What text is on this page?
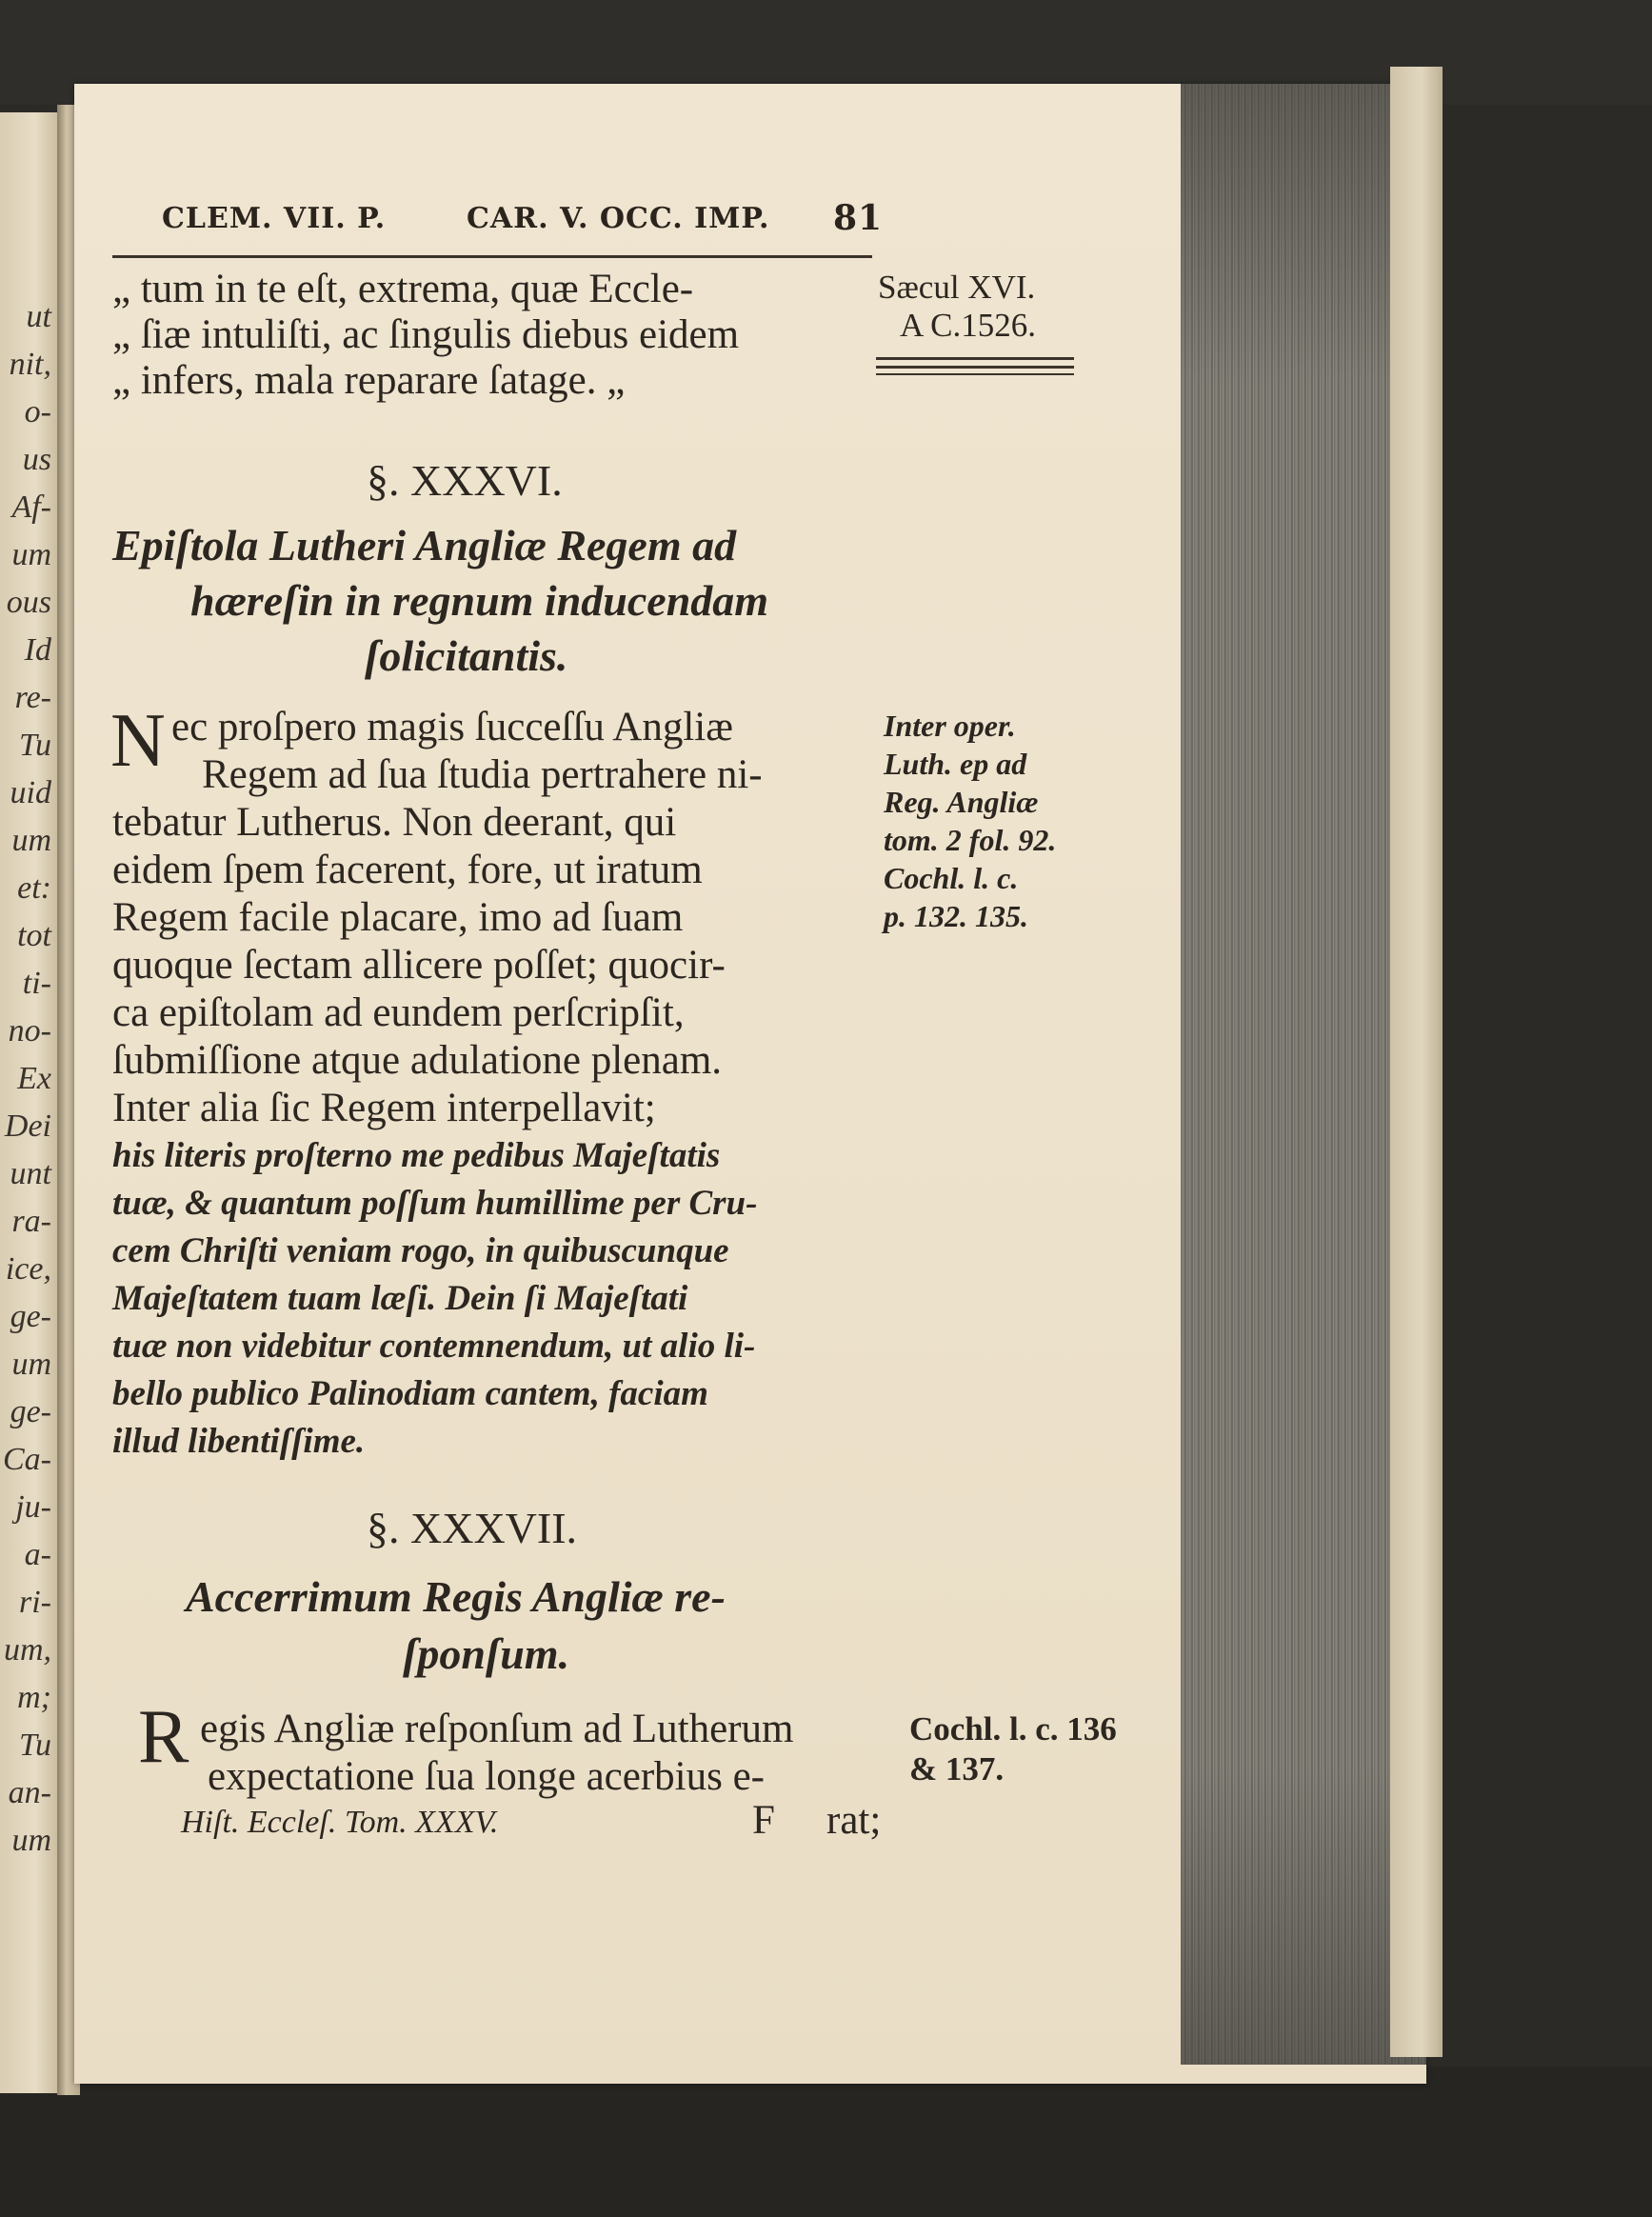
ut
nit,
o-
us
Af-
um
ous
Id
re-
Tu
uid
um
et:
tot
ti-
no-
Ex
Dei
unt
ra-
ice,
ge-
um
ge-
Ca-
ju-
a-
ri-
um,
m;
Tu
an-
um
CLEM. VII. P.	CAR. V. OCC. IMP. 81
Sæcul XVI.
A C.1526.
„ tum in te eſt, extrema, quæ Eccle-
„ ſiæ intuliſti, ac ſingulis diebus eidem
„ infers, mala reparare ſatage. „
§. XXXVI.
Epiſtola Lutheri Angliæ Regem ad
hæreſin in regnum inducendam
ſolicitantis.
N ec proſpero magis ſucceſſu Angliæ
Regem ad ſua ſtudia pertrahere ni-
tebatur Lutherus. Non deerant, qui
eidem ſpem facerent, fore, ut iratum
Regem facile placare, imo ad ſuam
quoque ſectam allicere poſſet; quocir-
ca epiſtolam ad eundem perſcripſit,
ſubmiſſione atque adulatione plenam.
Inter alia ſic Regem interpellavit;
his literis proſterno me pedibus Majeſtatis
tuæ, & quantum poſſum humillime per Cru-
cem Chriſti veniam rogo, in quibuscunque
Majeſtatem tuam læſi. Dein ſi Majeſtati
tuæ non videbitur contemnendum, ut alio li-
bello publico Palinodiam cantem, faciam
illud libentiſſime.
Inter oper.
Luth. ep ad
Reg. Angliæ
tom. 2 fol. 92.
Cochl. l. c.
p. 132. 135.
§. XXXVII.
Accerrimum Regis Angliæ re-
ſponſum.
R egis Angliæ reſponſum ad Lutherum
expectatione ſua longe acerbius e-
Cochl. l. c. 136
& 137.
Hiſt. Eccleſ. Tom. XXXV.	F rat;
